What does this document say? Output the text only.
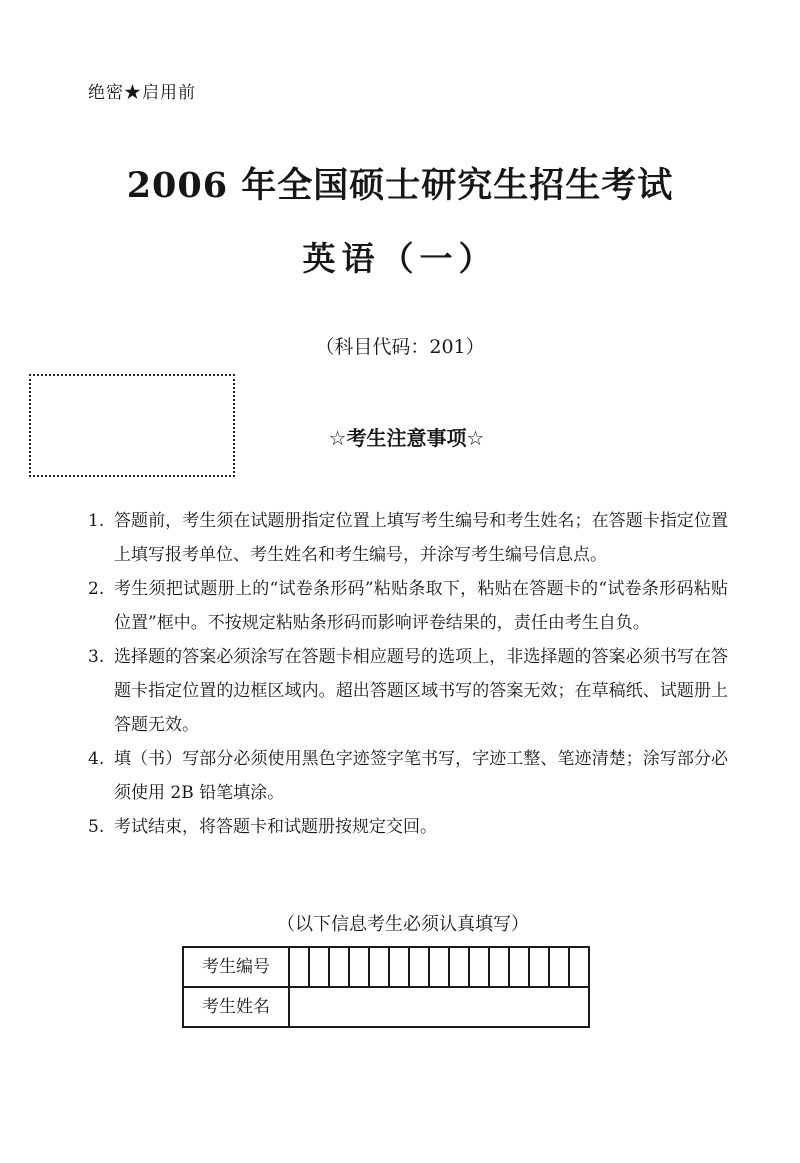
绝密★启用前
2006 年全国硕士研究生招生考试
英语（一）
（科目代码：201）
☆考生注意事项☆
1. 答题前，考生须在试题册指定位置上填写考生编号和考生姓名；在答题卡指定位置上填写报考单位、考生姓名和考生编号，并涂写考生编号信息点。
2. 考生须把试题册上的“试卷条形码”粘贴条取下，粘贴在答题卡的“试卷条形码粘贴位置”框中。不按规定粘贴条形码而影响评卷结果的，责任由考生自负。
3. 选择题的答案必须涂写在答题卡相应题号的选项上，非选择题的答案必须书写在答题卡指定位置的边框区域内。超出答题区域书写的答案无效；在草稿纸、试题册上答题无效。
4. 填（书）写部分必须使用黑色字迹签字笔书写，字迹工整、笔迹清楚；涂写部分必须使用 2B 铅笔填涂。
5. 考试结束，将答题卡和试题册按规定交回。
（以下信息考生必须认真填写）
考生编号															
考生姓名															
